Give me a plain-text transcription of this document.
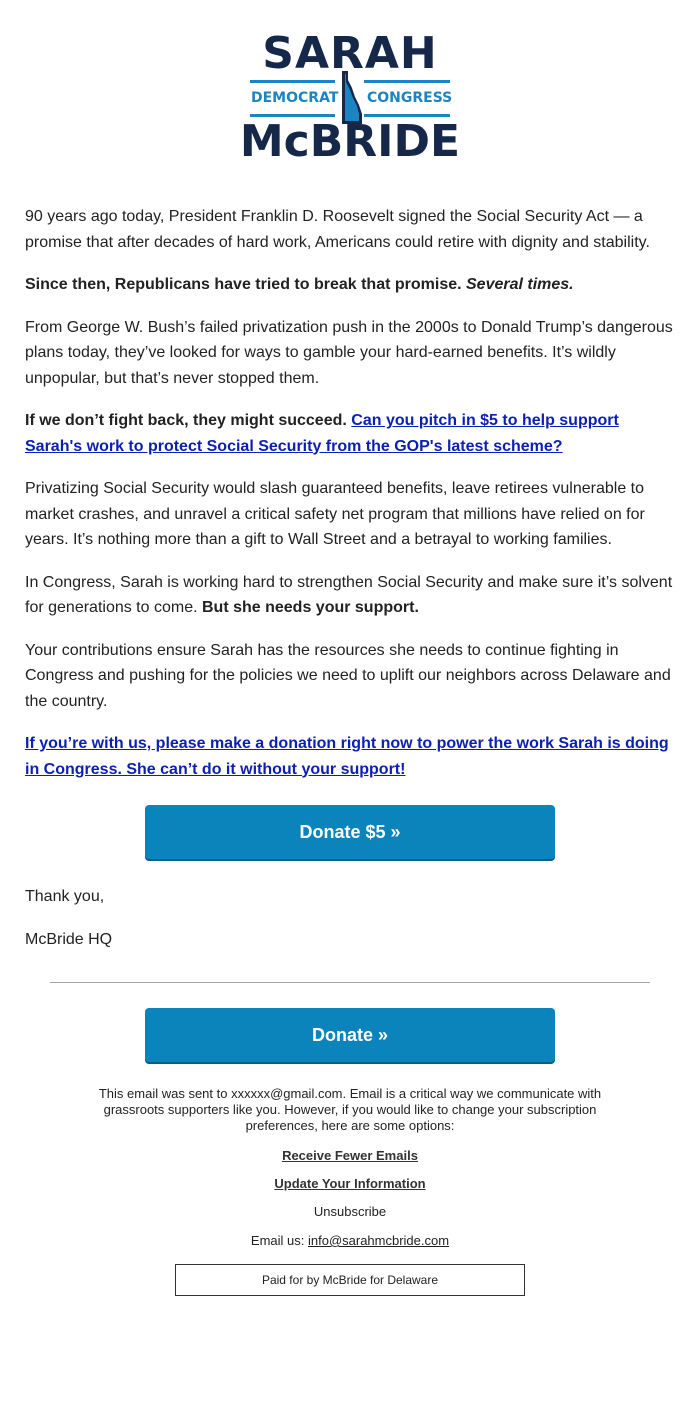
SARAH
DEMOCRAT CONGRESS
McBRIDE

90 years ago today, President Franklin D. Roosevelt signed the Social Security Act — a promise that after decades of hard work, Americans could retire with dignity and stability.

Since then, Republicans have tried to break that promise. Several times.

From George W. Bush’s failed privatization push in the 2000s to Donald Trump’s dangerous plans today, they’ve looked for ways to gamble your hard-earned benefits. It’s wildly unpopular, but that’s never stopped them.

If we don’t fight back, they might succeed. Can you pitch in $5 to help support Sarah's work to protect Social Security from the GOP's latest scheme?

Privatizing Social Security would slash guaranteed benefits, leave retirees vulnerable to market crashes, and unravel a critical safety net program that millions have relied on for years. It’s nothing more than a gift to Wall Street and a betrayal to working families.

In Congress, Sarah is working hard to strengthen Social Security and make sure it’s solvent for generations to come. But she needs your support.

Your contributions ensure Sarah has the resources she needs to continue fighting in Congress and pushing for the policies we need to uplift our neighbors across Delaware and the country.

If you’re with us, please make a donation right now to power the work Sarah is doing in Congress. She can’t do it without your support!

Donate $5 »

Thank you,

McBride HQ

Donate »
This email was sent to xxxxxx@gmail.com. Email is a critical way we communicate with grassroots supporters like you. However, if you would like to change your subscription preferences, here are some options:
Receive Fewer Emails
Update Your Information
Unsubscribe
Email us: info@sarahmcbride.com
Paid for by McBride for Delaware
